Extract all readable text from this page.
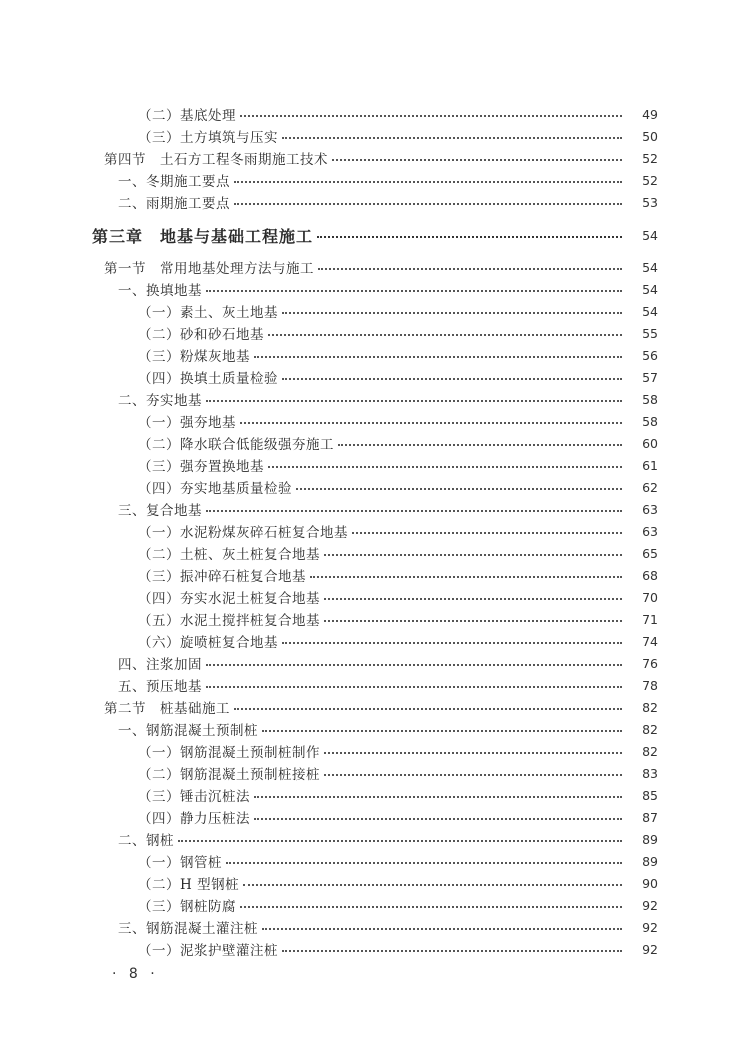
（二）基底处理	49
（三）土方填筑与压实	50
第四节　土石方工程冬雨期施工技术	52
一、冬期施工要点	52
二、雨期施工要点	53
第三章　地基与基础工程施工	54
第一节　常用地基处理方法与施工	54
一、换填地基	54
（一）素土、灰土地基	54
（二）砂和砂石地基	55
（三）粉煤灰地基	56
（四）换填土质量检验	57
二、夯实地基	58
（一）强夯地基	58
（二）降水联合低能级强夯施工	60
（三）强夯置换地基	61
（四）夯实地基质量检验	62
三、复合地基	63
（一）水泥粉煤灰碎石桩复合地基	63
（二）土桩、灰土桩复合地基	65
（三）振冲碎石桩复合地基	68
（四）夯实水泥土桩复合地基	70
（五）水泥土搅拌桩复合地基	71
（六）旋喷桩复合地基	74
四、注浆加固	76
五、预压地基	78
第二节　桩基础施工	82
一、钢筋混凝土预制桩	82
（一）钢筋混凝土预制桩制作	82
（二）钢筋混凝土预制桩接桩	83
（三）锤击沉桩法	85
（四）静力压桩法	87
二、钢桩	89
（一）钢管桩	89
（二）H 型钢桩	90
（三）钢桩防腐	92
三、钢筋混凝土灌注桩	92
（一）泥浆护壁灌注桩	92
· 8 ·
